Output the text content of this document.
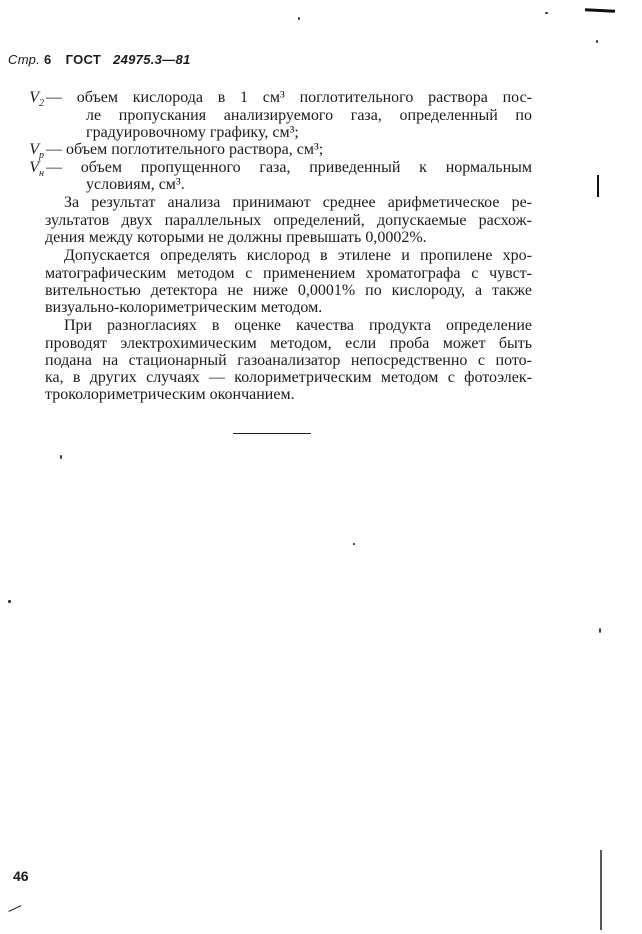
Стр. 6 ГОСТ 24975.3—81
$V_2$ — объем кислорода в 1 см³ поглотительного раствора пос-
ле пропускания анализируемого газа, определенный по
градуировочному графику, см³;
$V_р$ — объем поглотительного раствора, см³;
$V_н$ — объем пропущенного газа, приведенный к нормальным
условиям, см³.
За результат анализа принимают среднее арифметическое ре-
зультатов двух параллельных определений, допускаемые расхож-
дения между которыми не должны превышать 0,0002%.
Допускается определять кислород в этилене и пропилене хро-
матографическим методом с применением хроматографа с чувст-
вительностью детектора не ниже 0,0001% по кислороду, а также
визуально-колориметрическим методом.
При разногласиях в оценке качества продукта определение
проводят электрохимическим методом, если проба может быть
подана на стационарный газоанализатор непосредственно с пото-
ка, в других случаях — колориметрическим методом с фотоэлек-
троколориметрическим окончанием.
46
